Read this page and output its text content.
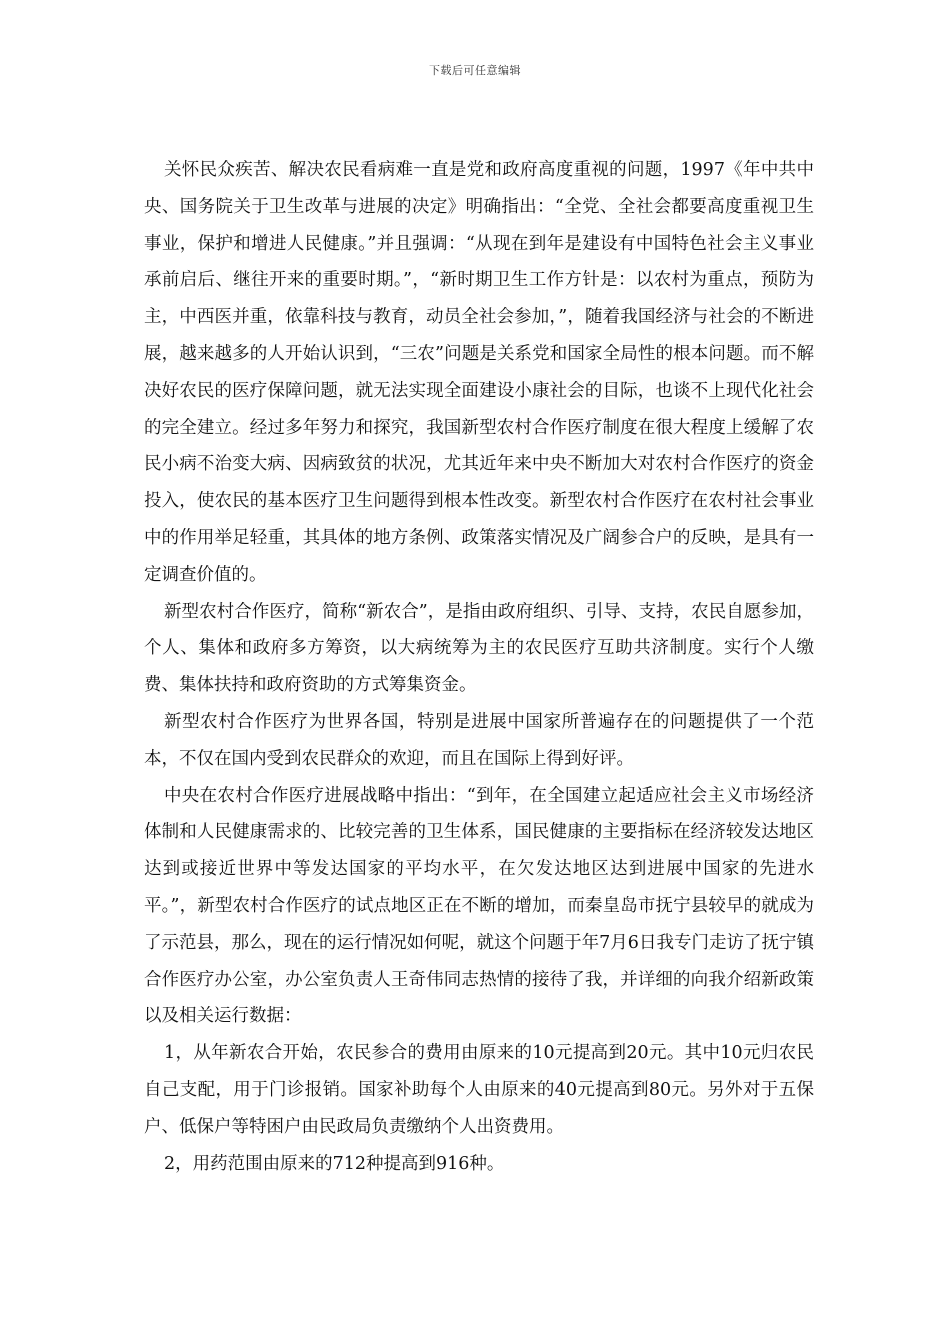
下载后可任意编辑

关怀民众疾苦、解决农民看病难一直是党和政府高度重视的问题，1997《年中共中央、国务院关于卫生改革与进展的决定》明确指出：“全党、全社会都要高度重视卫生事业，保护和增进人民健康。”并且强调：“从现在到年是建设有中国特色社会主义事业承前启后、继往开来的重要时期。”，“新时期卫生工作方针是：以农村为重点，预防为主，中西医并重，依靠科技与教育，动员全社会参加，”，随着我国经济与社会的不断进展，越来越多的人开始认识到，“三农”问题是关系党和国家全局性的根本问题。而不解决好农民的医疗保障问题，就无法实现全面建设小康社会的目际，也谈不上现代化社会的完全建立。经过多年努力和探究，我国新型农村合作医疗制度在很大程度上缓解了农民小病不治变大病、因病致贫的状况，尤其近年来中央不断加大对农村合作医疗的资金投入，使农民的基本医疗卫生问题得到根本性改变。新型农村合作医疗在农村社会事业中的作用举足轻重，其具体的地方条例、政策落实情况及广阔参合户的反映，是具有一定调查价值的。

新型农村合作医疗，简称“新农合”，是指由政府组织、引导、支持，农民自愿参加，个人、集体和政府多方筹资，以大病统筹为主的农民医疗互助共济制度。实行个人缴费、集体扶持和政府资助的方式筹集资金。

新型农村合作医疗为世界各国，特别是进展中国家所普遍存在的问题提供了一个范本，不仅在国内受到农民群众的欢迎，而且在国际上得到好评。

中央在农村合作医疗进展战略中指出：“到年，在全国建立起适应社会主义市场经济体制和人民健康需求的、比较完善的卫生体系，国民健康的主要指标在经济较发达地区达到或接近世界中等发达国家的平均水平，在欠发达地区达到进展中国家的先进水平。”，新型农村合作医疗的试点地区正在不断的增加，而秦皇岛市抚宁县较早的就成为了示范县，那么，现在的运行情况如何呢，就这个问题于年7月6日我专门走访了抚宁镇合作医疗办公室，办公室负责人王奇伟同志热情的接待了我，并详细的向我介绍新政策以及相关运行数据：

1，从年新农合开始，农民参合的费用由原来的10元提高到20元。其中10元归农民自己支配，用于门诊报销。国家补助每个人由原来的40元提高到80元。另外对于五保户、低保户等特困户由民政局负责缴纳个人出资费用。

2，用药范围由原来的712种提高到916种。
